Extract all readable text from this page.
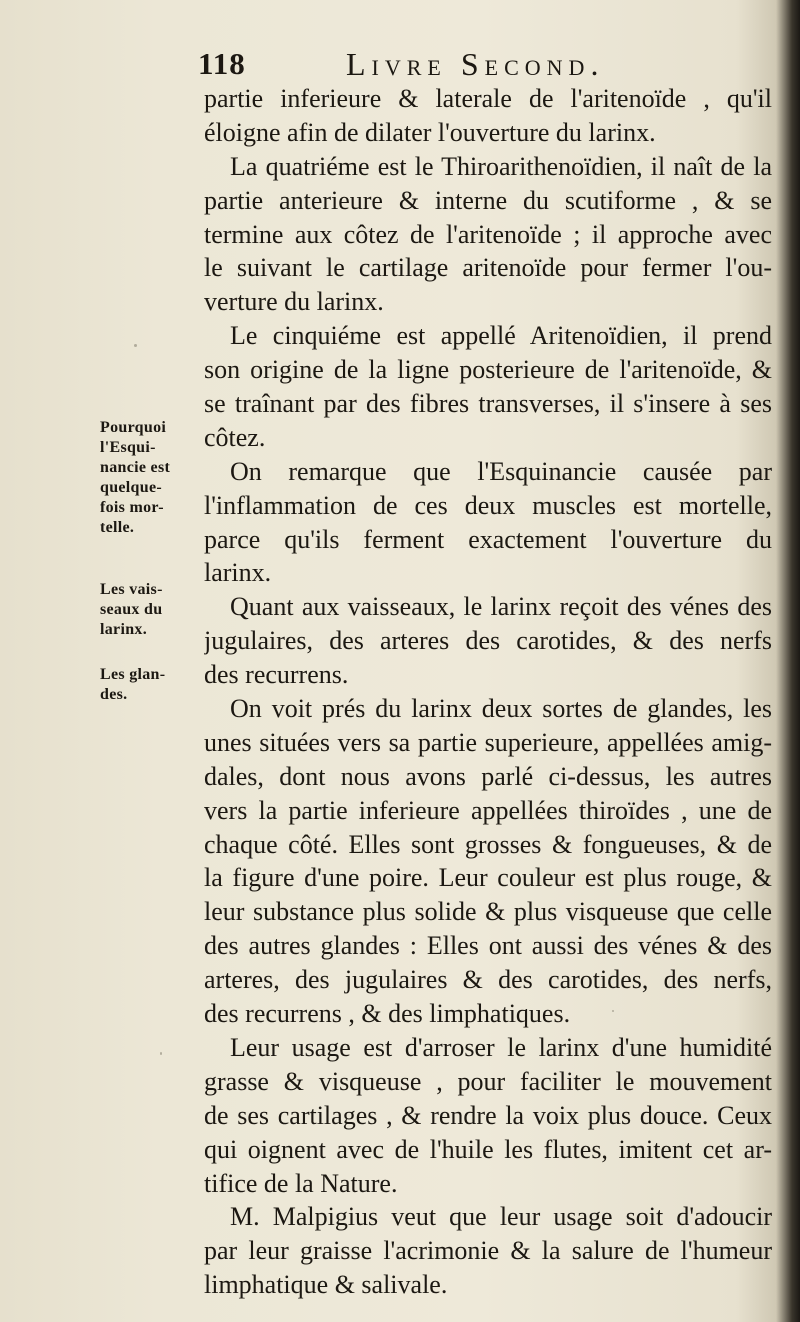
118	Livre Second.
partie inferieure & laterale de l'aritenoïde , qu'il
éloigne afin de dilater l'ouverture du larinx.
La quatriéme est le Thiroarithenoïdien, il naît de la
partie anterieure & interne du scutiforme , & se
termine aux côtez de l'aritenoïde ; il approche avec
le suivant le cartilage aritenoïde pour fermer l'ou-
verture du larinx.
Le cinquiéme est appellé Aritenoïdien, il prend
son origine de la ligne posterieure de l'aritenoïde, &
se traînant par des fibres transverses, il s'insere à ses
côtez.
On remarque que l'Esquinancie causée par
l'inflammation de ces deux muscles est mortelle,
parce qu'ils ferment exactement l'ouverture du
larinx.
Quant aux vaisseaux, le larinx reçoit des vénes des
jugulaires, des arteres des carotides, & des nerfs
des recurrens.
On voit prés du larinx deux sortes de glandes, les
unes situées vers sa partie superieure, appellées amig-
dales, dont nous avons parlé ci-dessus, les autres
vers la partie inferieure appellées thiroïdes , une de
chaque côté. Elles sont grosses & fongueuses, & de
la figure d'une poire. Leur couleur est plus rouge, &
leur substance plus solide & plus visqueuse que celle
des autres glandes : Elles ont aussi des vénes & des
arteres, des jugulaires & des carotides, des nerfs,
des recurrens , & des limphatiques.
Leur usage est d'arroser le larinx d'une humidité
grasse & visqueuse , pour faciliter le mouvement
de ses cartilages , & rendre la voix plus douce. Ceux
qui oignent avec de l'huile les flutes, imitent cet ar-
tifice de la Nature.
M. Malpigius veut que leur usage soit d'adoucir
par leur graisse l'acrimonie & la salure de l'humeur
limphatique & salivale.
Pourquoi
l'Esqui-
nancie est
quelque-
fois mor-
telle.
Les vais-
seaux du
larinx.
Les glan-
des.
